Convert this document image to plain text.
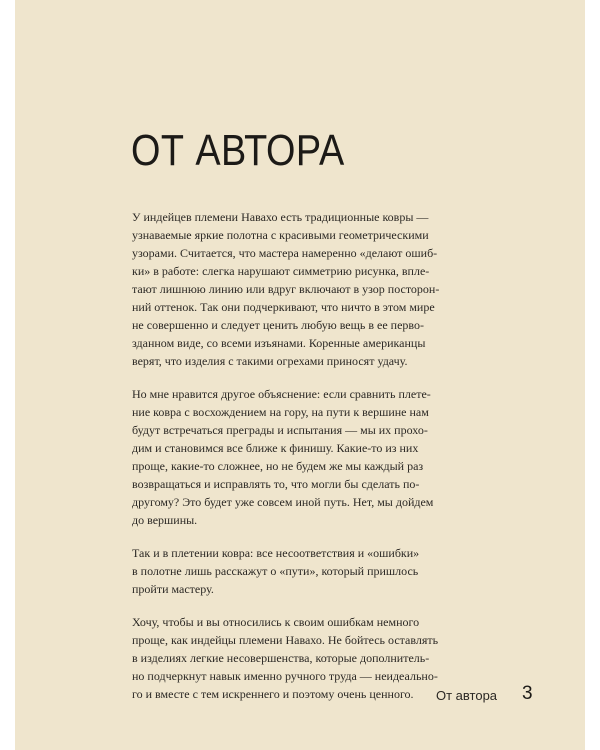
ОТ АВТОРА

У индейцев племени Навахо есть традиционные ковры —
узнаваемые яркие полотна с красивыми геометрическими
узорами. Считается, что мастера намеренно «делают ошиб-
ки» в работе: слегка нарушают симметрию рисунка, впле-
тают лишнюю линию или вдруг включают в узор посторон-
ний оттенок. Так они подчеркивают, что ничто в этом мире
не совершенно и следует ценить любую вещь в ее перво-
зданном виде, со всеми изъянами. Коренные американцы
верят, что изделия с такими огрехами приносят удачу.

Но мне нравится другое объяснение: если сравнить плете-
ние ковра с восхождением на гору, на пути к вершине нам
будут встречаться преграды и испытания — мы их прохо-
дим и становимся все ближе к финишу. Какие-то из них
проще, какие-то сложнее, но не будем же мы каждый раз
возвращаться и исправлять то, что могли бы сделать по-
другому? Это будет уже совсем иной путь. Нет, мы дойдем
до вершины.

Так и в плетении ковра: все несоответствия и «ошибки»
в полотне лишь расскажут о «пути», который пришлось
пройти мастеру.

Хочу, чтобы и вы относились к своим ошибкам немного
проще, как индейцы племени Навахо. Не бойтесь оставлять
в изделиях легкие несовершенства, которые дополнитель-
но подчеркнут навык именно ручного труда — неидеально-
го и вместе с тем искреннего и поэтому очень ценного.	От автора 3
